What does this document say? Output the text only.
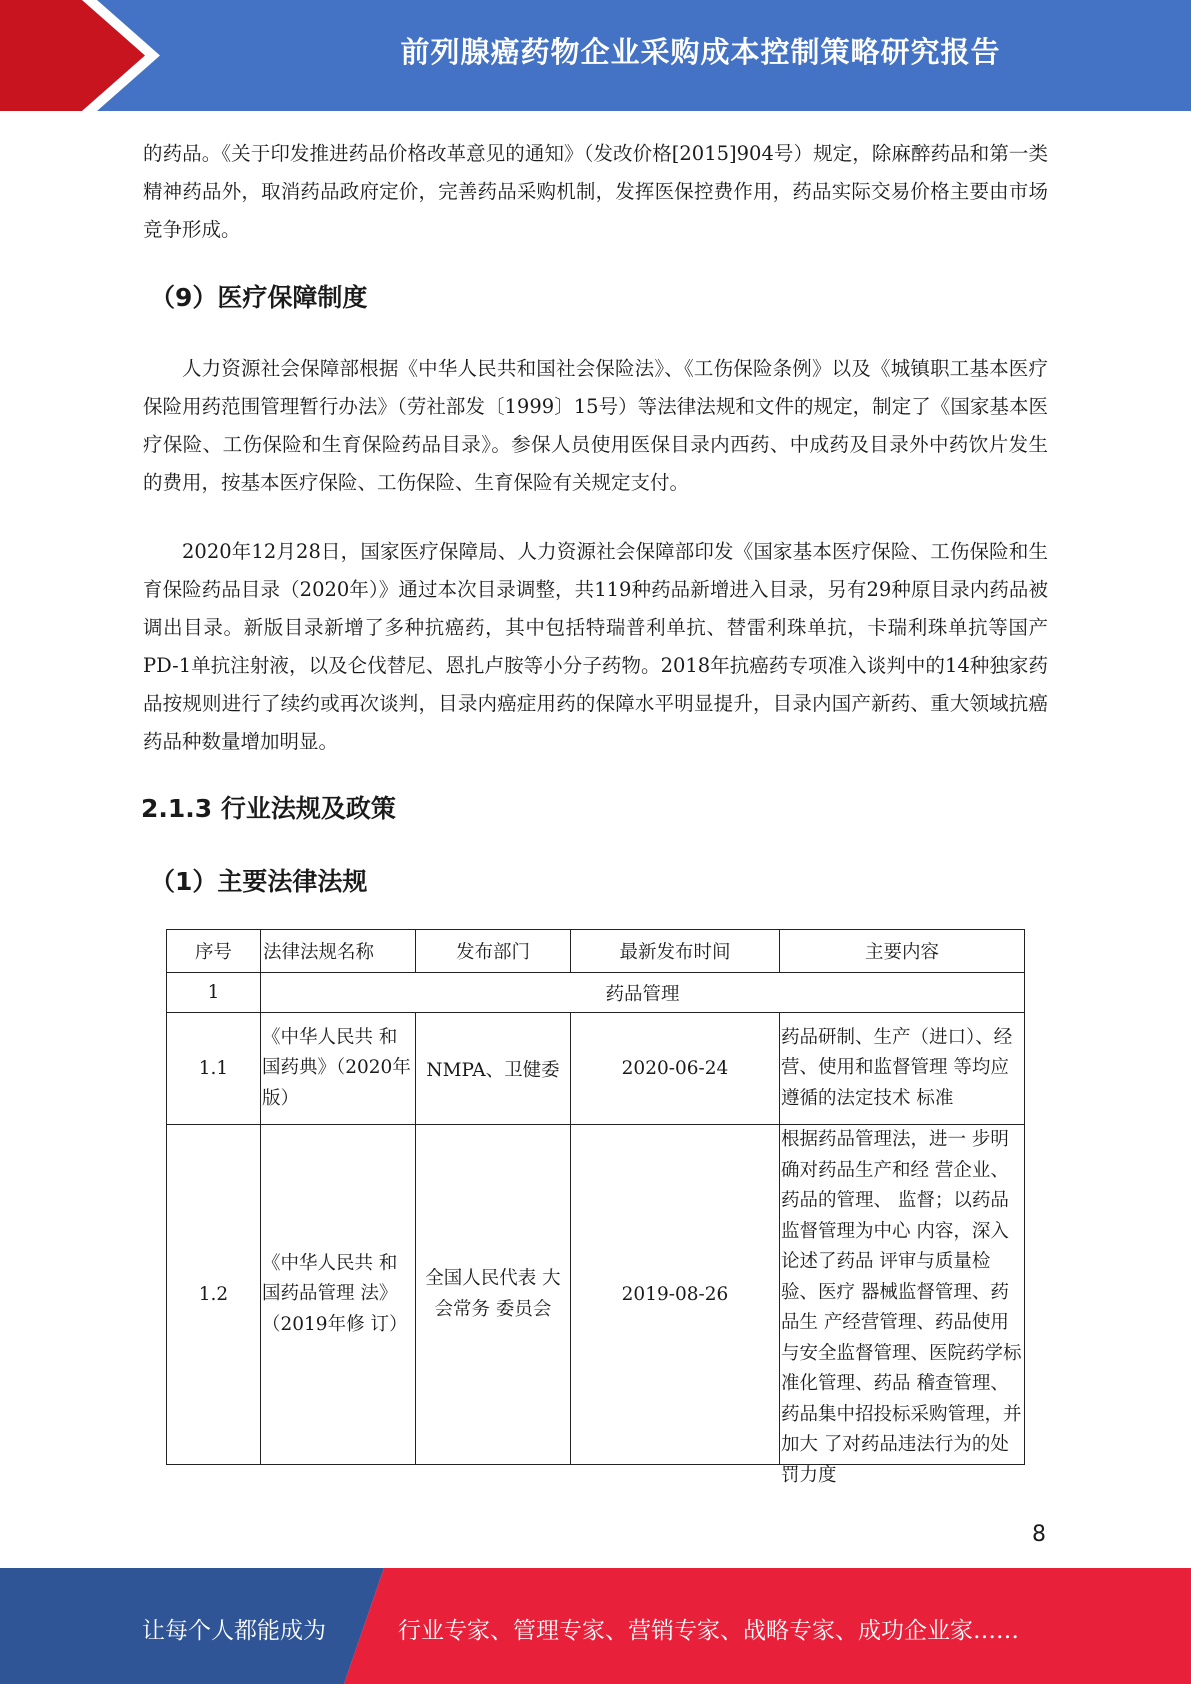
前列腺癌药物企业采购成本控制策略研究报告

的药品。《关于印发推进药品价格改革意见的通知》（发改价格[2015]904号）规定，除麻醉药品和第一类精神药品外，取消药品政府定价，完善药品采购机制，发挥医保控费作用，药品实际交易价格主要由市场竞争形成。

（9）医疗保障制度

人力资源社会保障部根据《中华人民共和国社会保险法》、《工伤保险条例》以及《城镇职工基本医疗保险用药范围管理暂行办法》（劳社部发〔1999〕15号）等法律法规和文件的规定，制定了《国家基本医疗保险、工伤保险和生育保险药品目录》。参保人员使用医保目录内西药、中成药及目录外中药饮片发生的费用，按基本医疗保险、工伤保险、生育保险有关规定支付。

2020年12月28日，国家医疗保障局、人力资源社会保障部印发《国家基本医疗保险、工伤保险和生育保险药品目录（2020年）》通过本次目录调整，共119种药品新增进入目录，另有29种原目录内药品被调出目录。新版目录新增了多种抗癌药，其中包括特瑞普利单抗、替雷利珠单抗，卡瑞利珠单抗等国产PD-1单抗注射液，以及仑伐替尼、恩扎卢胺等小分子药物。2018年抗癌药专项准入谈判中的14种独家药品按规则进行了续约或再次谈判，目录内癌症用药的保障水平明显提升，目录内国产新药、重大领域抗癌药品种数量增加明显。

2.1.3 行业法规及政策
（1）主要法律法规
序号	法律法规名称	发布部门	最新发布时间	主要内容
1	药品管理			
1.1	《中华人民共 和国药典》（2020年版）	NMPA、卫健委	2020-06-24	药品研制、生产（进口）、经营、使用和监督管理 等均应遵循的法定技术 标准
1.2	《中华人民共 和国药品管理 法》（2019年修 订）	全国人民代表 大会常务 委员会	2019-08-26	根据药品管理法，进一 步明确对药品生产和经 营企业、药品的管理、 监督；以药品监督管理为中心 内容，深入论述了药品 评审与质量检验、医疗 器械监督管理、药品生 产经营管理、药品使用 与安全监督管理、医院药学标准化管理、药品 稽查管理、药品集中招投标采购管理，并加大 了对药品违法行为的处 罚力度
8
让每个人都能成为	行业专家、管理专家、营销专家、战略专家、成功企业家……
